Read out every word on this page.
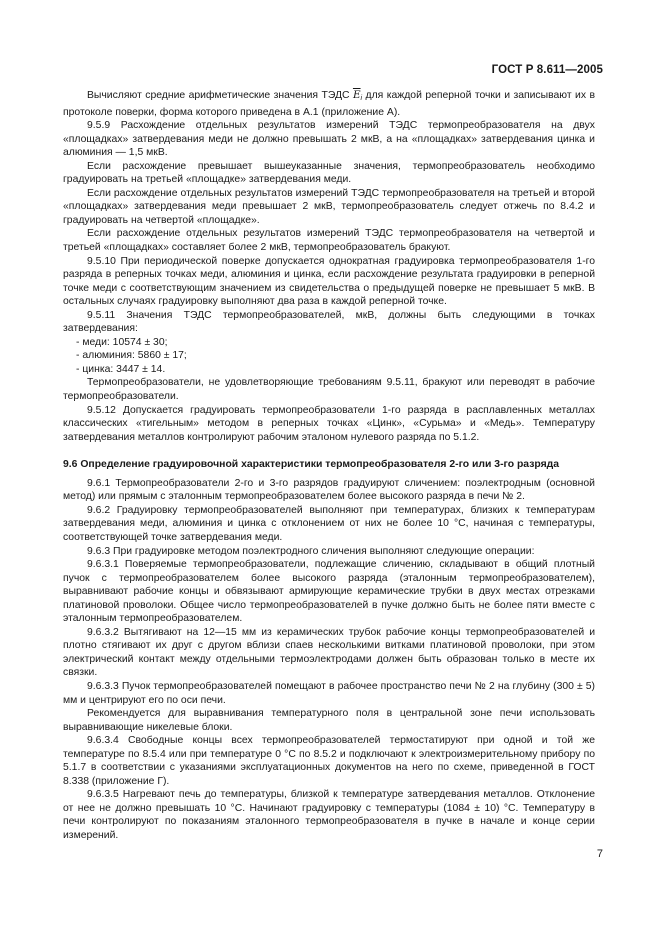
ГОСТ Р 8.611—2005

Вычисляют средние арифметические значения ТЭДС $\overline{E}_i$ для каждой реперной точки и записывают их в протоколе поверки, форма которого приведена в А.1 (приложение А).

9.5.9 Расхождение отдельных результатов измерений ТЭДС термопреобразователя на двух «площадках» затвердевания меди не должно превышать 2 мкВ, а на «площадках» затвердевания цинка и алюминия — 1,5 мкВ.

Если расхождение превышает вышеуказанные значения, термопреобразователь необходимо градуировать на третьей «площадке» затвердевания меди.

Если расхождение отдельных результатов измерений ТЭДС термопреобразователя на третьей и второй «площадках» затвердевания меди превышает 2 мкВ, термопреобразователь следует отжечь по 8.4.2 и градуировать на четвертой «площадке».

Если расхождение отдельных результатов измерений ТЭДС термопреобразователя на четвертой и третьей «площадках» составляет более 2 мкВ, термопреобразователь бракуют.

9.5.10 При периодической поверке допускается однократная градуировка термопреобразователя 1-го разряда в реперных точках меди, алюминия и цинка, если расхождение результата градуировки в реперной точке меди с соответствующим значением из свидетельства о предыдущей поверке не превышает 5 мкВ. В остальных случаях градуировку выполняют два раза в каждой реперной точке.

9.5.11 Значения ТЭДС термопреобразователей, мкВ, должны быть следующими в точках затвердевания:

- меди: 10574 ± 30;

- алюминия: 5860 ± 17;

- цинка: 3447 ± 14.

Термопреобразователи, не удовлетворяющие требованиям 9.5.11, бракуют или переводят в рабочие термопреобразователи.

9.5.12 Допускается градуировать термопреобразователи 1-го разряда в расплавленных металлах классических «тигельным» методом в реперных точках «Цинк», «Сурьма» и «Медь». Температуру затвердевания металлов контролируют рабочим эталоном нулевого разряда по 5.1.2.

9.6 Определение градуировочной характеристики термопреобразователя 2-го или 3-го разряда

9.6.1 Термопреобразователи 2-го и 3-го разрядов градуируют сличением: поэлектродным (основной метод) или прямым с эталонным термопреобразователем более высокого разряда в печи № 2.

9.6.2 Градуировку термопреобразователей выполняют при температурах, близких к температурам затвердевания меди, алюминия и цинка с отклонением от них не более 10 °С, начиная с температуры, соответствующей точке затвердевания меди.

9.6.3 При градуировке методом поэлектродного сличения выполняют следующие операции:

9.6.3.1 Поверяемые термопреобразователи, подлежащие сличению, складывают в общий плотный пучок с термопреобразователем более высокого разряда (эталонным термопреобразователем), выравнивают рабочие концы и обвязывают армирующие керамические трубки в двух местах отрезками платиновой проволоки. Общее число термопреобразователей в пучке должно быть не более пяти вместе с эталонным термопреобразователем.

9.6.3.2 Вытягивают на 12—15 мм из керамических трубок рабочие концы термопреобразователей и плотно стягивают их друг с другом вблизи спаев несколькими витками платиновой проволоки, при этом электрический контакт между отдельными термоэлектродами должен быть образован только в месте их связки.

9.6.3.3 Пучок термопреобразователей помещают в рабочее пространство печи № 2 на глубину (300 ± 5) мм и центрируют его по оси печи.

Рекомендуется для выравнивания температурного поля в центральной зоне печи использовать выравнивающие никелевые блоки.

9.6.3.4 Свободные концы всех термопреобразователей термостатируют при одной и той же температуре по 8.5.4 или при температуре 0 °С по 8.5.2 и подключают к электроизмерительному прибору по 5.1.7 в соответствии с указаниями эксплуатационных документов на него по схеме, приведенной в ГОСТ 8.338 (приложение Г).

9.6.3.5 Нагревают печь до температуры, близкой к температуре затвердевания металлов. Отклонение от нее не должно превышать 10 °С. Начинают градуировку с температуры (1084 ± 10) °С. Температуру в печи контролируют по показаниям эталонного термопреобразователя в пучке в начале и конце серии измерений.

7
